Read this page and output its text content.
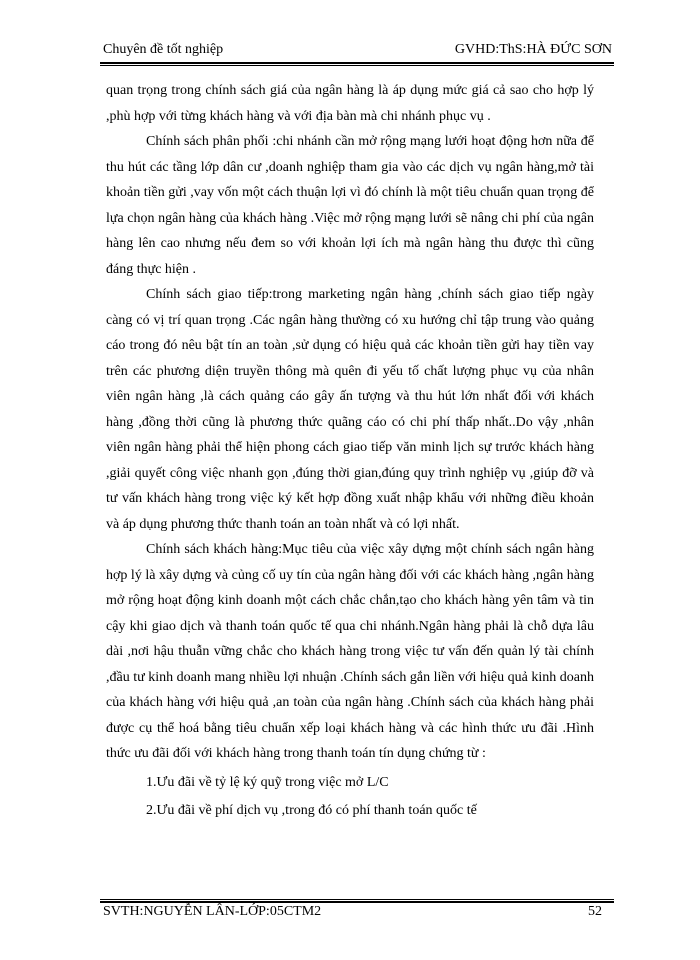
Chuyên đề tốt nghiệp	GVHD:ThS:HÀ ĐỨC SƠN

quan trọng trong chính sách giá của ngân hàng là áp dụng mức giá cả sao cho hợp lý ,phù hợp với từng khách hàng và với địa bàn mà chi nhánh phục vụ .

Chính sách phân phối :chi nhánh cần mở rộng mạng lưới hoạt động hơn nữa để thu hút các tầng lớp dân cư ,doanh nghiệp tham gia vào các dịch vụ ngân hàng,mở tài khoản tiền gửi ,vay vốn một cách thuận lợi vì đó chính là một tiêu chuẩn quan trọng để lựa chọn ngân hàng của khách hàng .Việc mở rộng mạng lưới sẽ nâng chi phí của ngân hàng lên cao nhưng nếu đem so với khoản lợi ích mà ngân hàng thu được thì cũng đáng thực hiện .

Chính sách giao tiếp:trong marketing ngân hàng ,chính sách giao tiếp ngày càng có vị trí quan trọng .Các ngân hàng thường có xu hướng chỉ tập trung vào quảng cáo trong đó nêu bật tín an toàn ,sử dụng có hiệu quả các khoản tiền gửi hay tiền vay trên các phương diện truyền thông mà quên đi yếu tố chất lượng phục vụ của nhân viên ngân hàng ,là cách quảng cáo gây ấn tượng và thu hút lớn nhất đối với khách hàng ,đồng thời cũng là phương thức quãng cáo có chi phí thấp nhất..Do vậy ,nhân viên ngân hàng phải thể hiện phong cách giao tiếp văn minh lịch sự trước khách hàng ,giải quyết công việc nhanh gọn ,đúng thời gian,đúng quy trình nghiệp vụ ,giúp đỡ và tư vấn khách hàng trong việc ký kết hợp đồng xuất nhập khẩu với những điều khoản và áp dụng phương thức thanh toán an toàn nhất và có lợi nhất.

Chính sách khách hàng:Mục tiêu của việc xây dựng một chính sách ngân hàng hợp lý là xây dựng và củng cố uy tín của ngân hàng đối với các khách hàng ,ngân hàng mở rộng hoạt động kinh doanh một cách chắc chắn,tạo cho khách hàng yên tâm và tin cậy khi giao dịch và thanh toán quốc tế qua chi nhánh.Ngân hàng phải là chỗ dựa lâu dài ,nơi hậu thuẫn vững chắc cho khách hàng trong việc tư vấn đến quản lý tài chính ,đầu tư kinh doanh mang nhiều lợi nhuận .Chính sách gắn liền với hiệu quả kinh doanh của khách hàng với hiệu quả ,an toàn của ngân hàng .Chính sách của khách hàng phải được cụ thể hoá bằng tiêu chuẩn xếp loại khách hàng và các hình thức ưu đãi .Hình thức ưu đãi đối với khách hàng trong thanh toán tín dụng chứng từ :

1.Ưu đãi về tỷ lệ ký quỹ trong việc mở L/C

2.Ưu đãi về phí dịch vụ ,trong đó có phí thanh toán quốc tế

SVTH:NGUYỄN LÂN-LỚP:05CTM2	52
